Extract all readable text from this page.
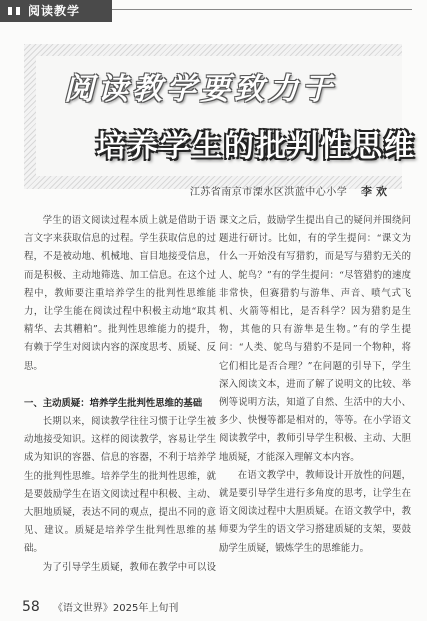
阅读教学
阅读教学要致力于
培养学生的批判性思维
江苏省南京市溧水区洪蓝中心小学 李欢

学生的语文阅读过程本质上就是借助于语言文字来获取信息的过程。学生获取信息的过程，不是被动地、机械地、盲目地接受信息，而是积极、主动地筛选、加工信息。在这个过程中，教师要注重培养学生的批判性思维能力，让学生能在阅读过程中积极主动地“取其精华、去其糟粕”。批判性思维能力的提升，有赖于学生对阅读内容的深度思考、质疑、反思。

一、主动质疑：培养学生批判性思维的基础

长期以来，阅读教学往往习惯于让学生被动地接受知识。这样的阅读教学，容易让学生成为知识的容器、信息的容器，不利于培养学生的批判性思维。培养学生的批判性思维，就是要鼓励学生在语文阅读过程中积极、主动、大胆地质疑，表达不同的观点，提出不同的意见、建议。质疑是培养学生批判性思维的基础。

为了引导学生质疑，教师在教学中可以设

课文之后，鼓励学生提出自己的疑问并围绕问题进行研讨。比如，有的学生提问：“课文为什么一开始没有写猎豹，而是写与猎豹无关的人、鸵鸟？”有的学生提问：“尽管猎豹的速度非常快，但赛猎豹与游隼、声音、喷气式飞机、火箭等相比，是否科学？因为猎豹是生物，其他的只有游隼是生物。”有的学生提问：“人类、鸵鸟与猎豹不是同一个物种，将它们相比是否合理？”在问题的引导下，学生深入阅读文本，进而了解了说明文的比较、举例等说明方法，知道了自然、生活中的大小、多少、快慢等都是相对的，等等。在小学语文阅读教学中，教师引导学生积极、主动、大胆地质疑，才能深入理解文本内容。

在语文教学中，教师设计开放性的问题，就是要引导学生进行多角度的思考，让学生在语文阅读过程中大胆质疑。在语文教学中，教师要为学生的语文学习搭建质疑的支架，要鼓励学生质疑，锻炼学生的思维能力。

58 《语文世界》2025年上旬刊
